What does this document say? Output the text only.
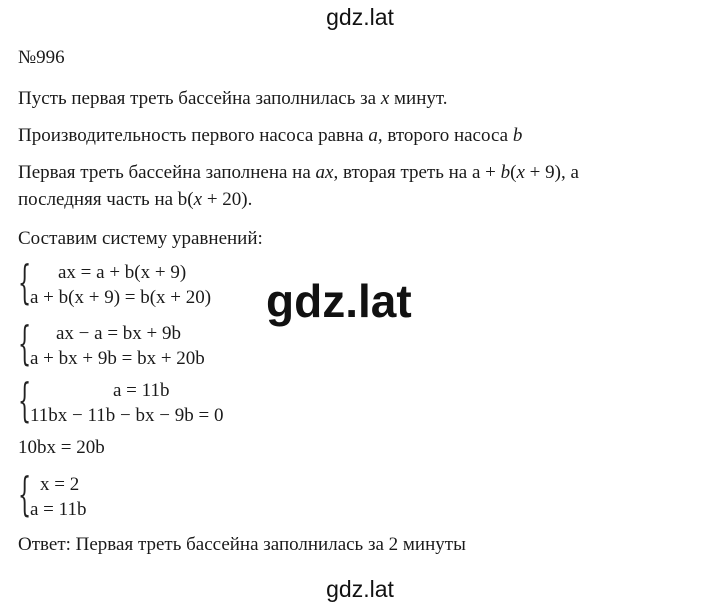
gdz.lat
№996
Пусть первая треть бассейна заполнилась за x минут.
Производительность первого насоса равна a, второго насоса b
Первая треть бассейна заполнена на ax, вторая треть на a + b(x + 9), а
последняя часть на b(x + 20).
Составим систему уравнений:
{ ax = a + b(x + 9)
a + b(x + 9) = b(x + 20) gdz.lat
{ ax − a = bx + 9b
a + bx + 9b = bx + 20b
{	a = 11b
11bx − 11b − bx − 9b = 0
10bx = 20b
{ x = 2
a = 11b
Ответ: Первая треть бассейна заполнилась за 2 минуты
gdz.lat
